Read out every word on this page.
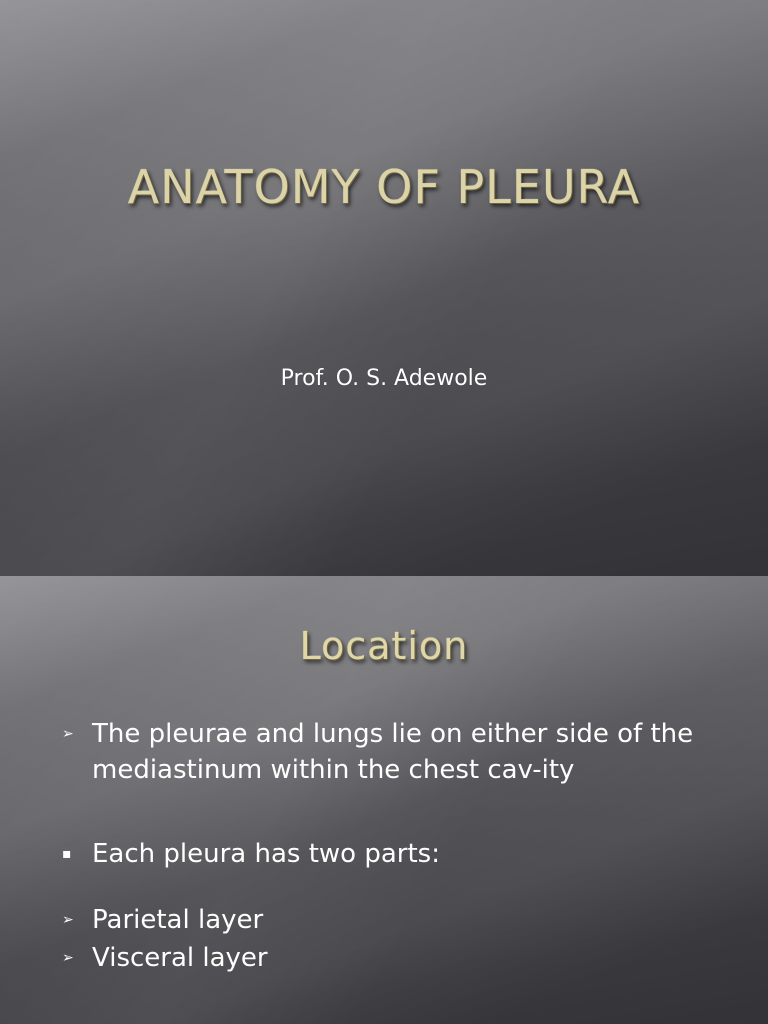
ANATOMY OF PLEURA
Prof. O. S. Adewole
Location
➢ The pleurae and lungs lie on either side of the mediastinum within the chest cav-ity
▪ Each pleura has two parts:
➢ Parietal layer
➢ Visceral layer
